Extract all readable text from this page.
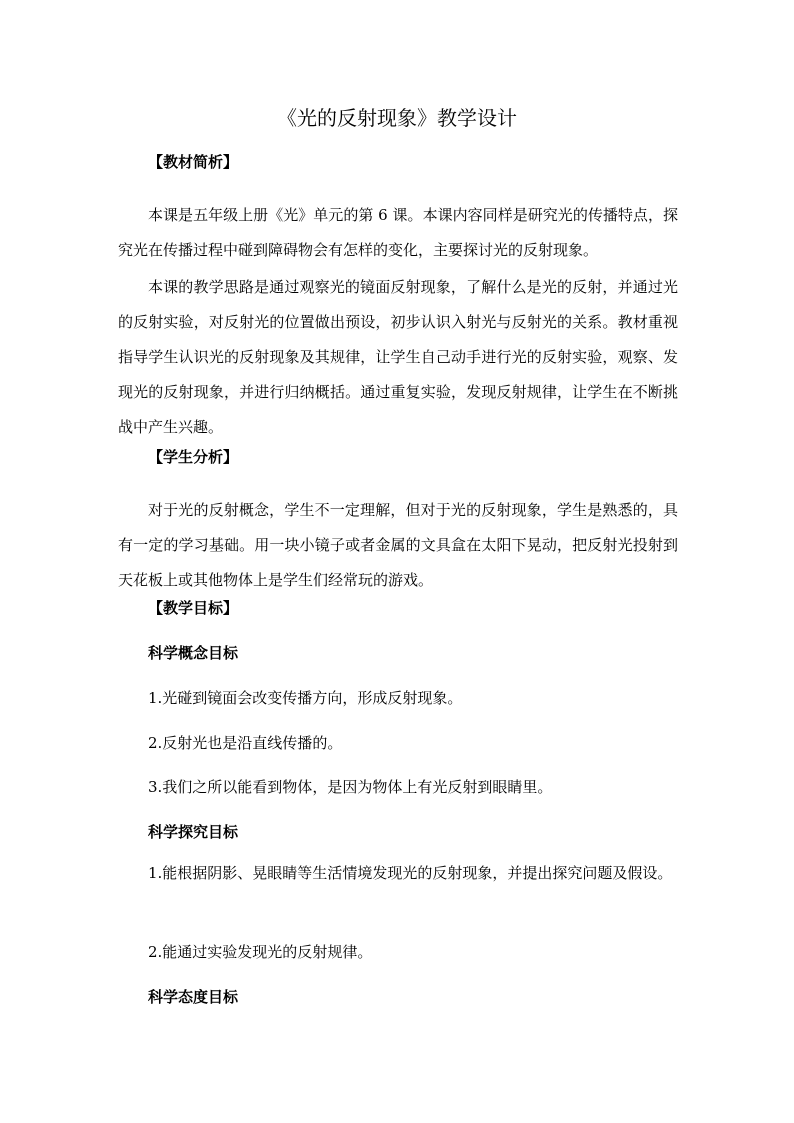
《光的反射现象》教学设计
【教材简析】
本课是五年级上册《光》单元的第 6 课。本课内容同样是研究光的传播特点，探究光在传播过程中碰到障碍物会有怎样的变化，主要探讨光的反射现象。
本课的教学思路是通过观察光的镜面反射现象，了解什么是光的反射，并通过光的反射实验，对反射光的位置做出预设，初步认识入射光与反射光的关系。教材重视指导学生认识光的反射现象及其规律，让学生自己动手进行光的反射实验，观察、发现光的反射现象，并进行归纳概括。通过重复实验，发现反射规律，让学生在不断挑战中产生兴趣。
【学生分析】
对于光的反射概念，学生不一定理解，但对于光的反射现象，学生是熟悉的，具有一定的学习基础。用一块小镜子或者金属的文具盒在太阳下晃动，把反射光投射到天花板上或其他物体上是学生们经常玩的游戏。
【教学目标】
科学概念目标
1.光碰到镜面会改变传播方向，形成反射现象。
2.反射光也是沿直线传播的。
3.我们之所以能看到物体，是因为物体上有光反射到眼睛里。
科学探究目标
1.能根据阴影、晃眼睛等生活情境发现光的反射现象，并提出探究问题及假设。
2.能通过实验发现光的反射规律。
科学态度目标
